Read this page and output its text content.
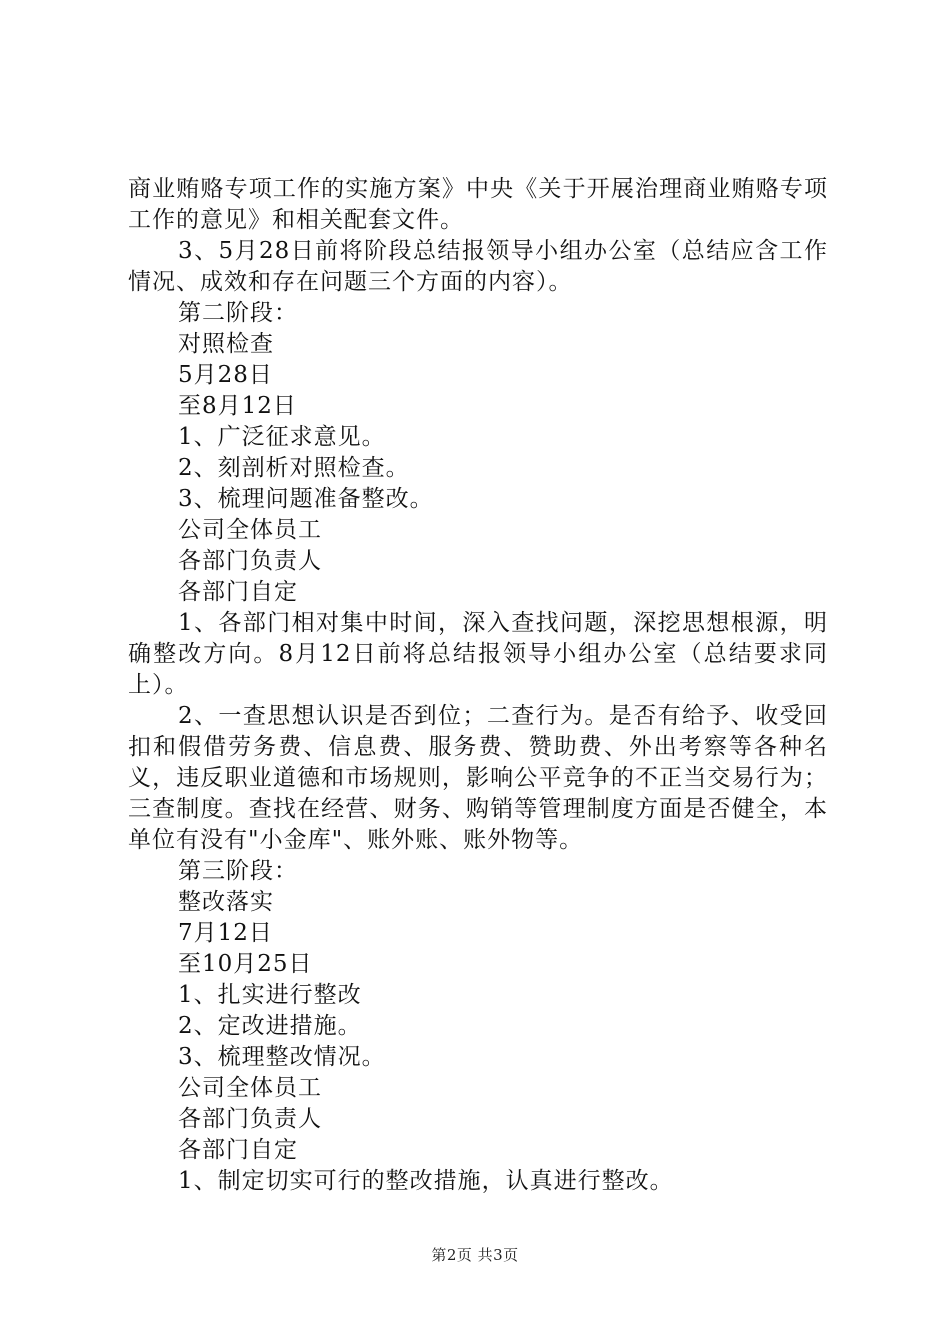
商业贿赂专项工作的实施方案》中央《关于开展治理商业贿赂专项工作的意见》和相关配套文件。

3、5月28日前将阶段总结报领导小组办公室（总结应含工作情况、成效和存在问题三个方面的内容）。

第二阶段：

对照检查

5月28日

至8月12日

1、广泛征求意见。

2、刻剖析对照检查。

3、梳理问题准备整改。

公司全体员工

各部门负责人

各部门自定

1、各部门相对集中时间，深入查找问题，深挖思想根源，明确整改方向。8月12日前将总结报领导小组办公室（总结要求同上）。

2、一查思想认识是否到位；二查行为。是否有给予、收受回扣和假借劳务费、信息费、服务费、赞助费、外出考察等各种名义，违反职业道德和市场规则，影响公平竞争的不正当交易行为；三查制度。查找在经营、财务、购销等管理制度方面是否健全，本单位有没有"小金库"、账外账、账外物等。

第三阶段：

整改落实

7月12日

至10月25日

1、扎实进行整改

2、定改进措施。

3、梳理整改情况。

公司全体员工

各部门负责人

各部门自定

1、制定切实可行的整改措施，认真进行整改。

第2页 共3页
